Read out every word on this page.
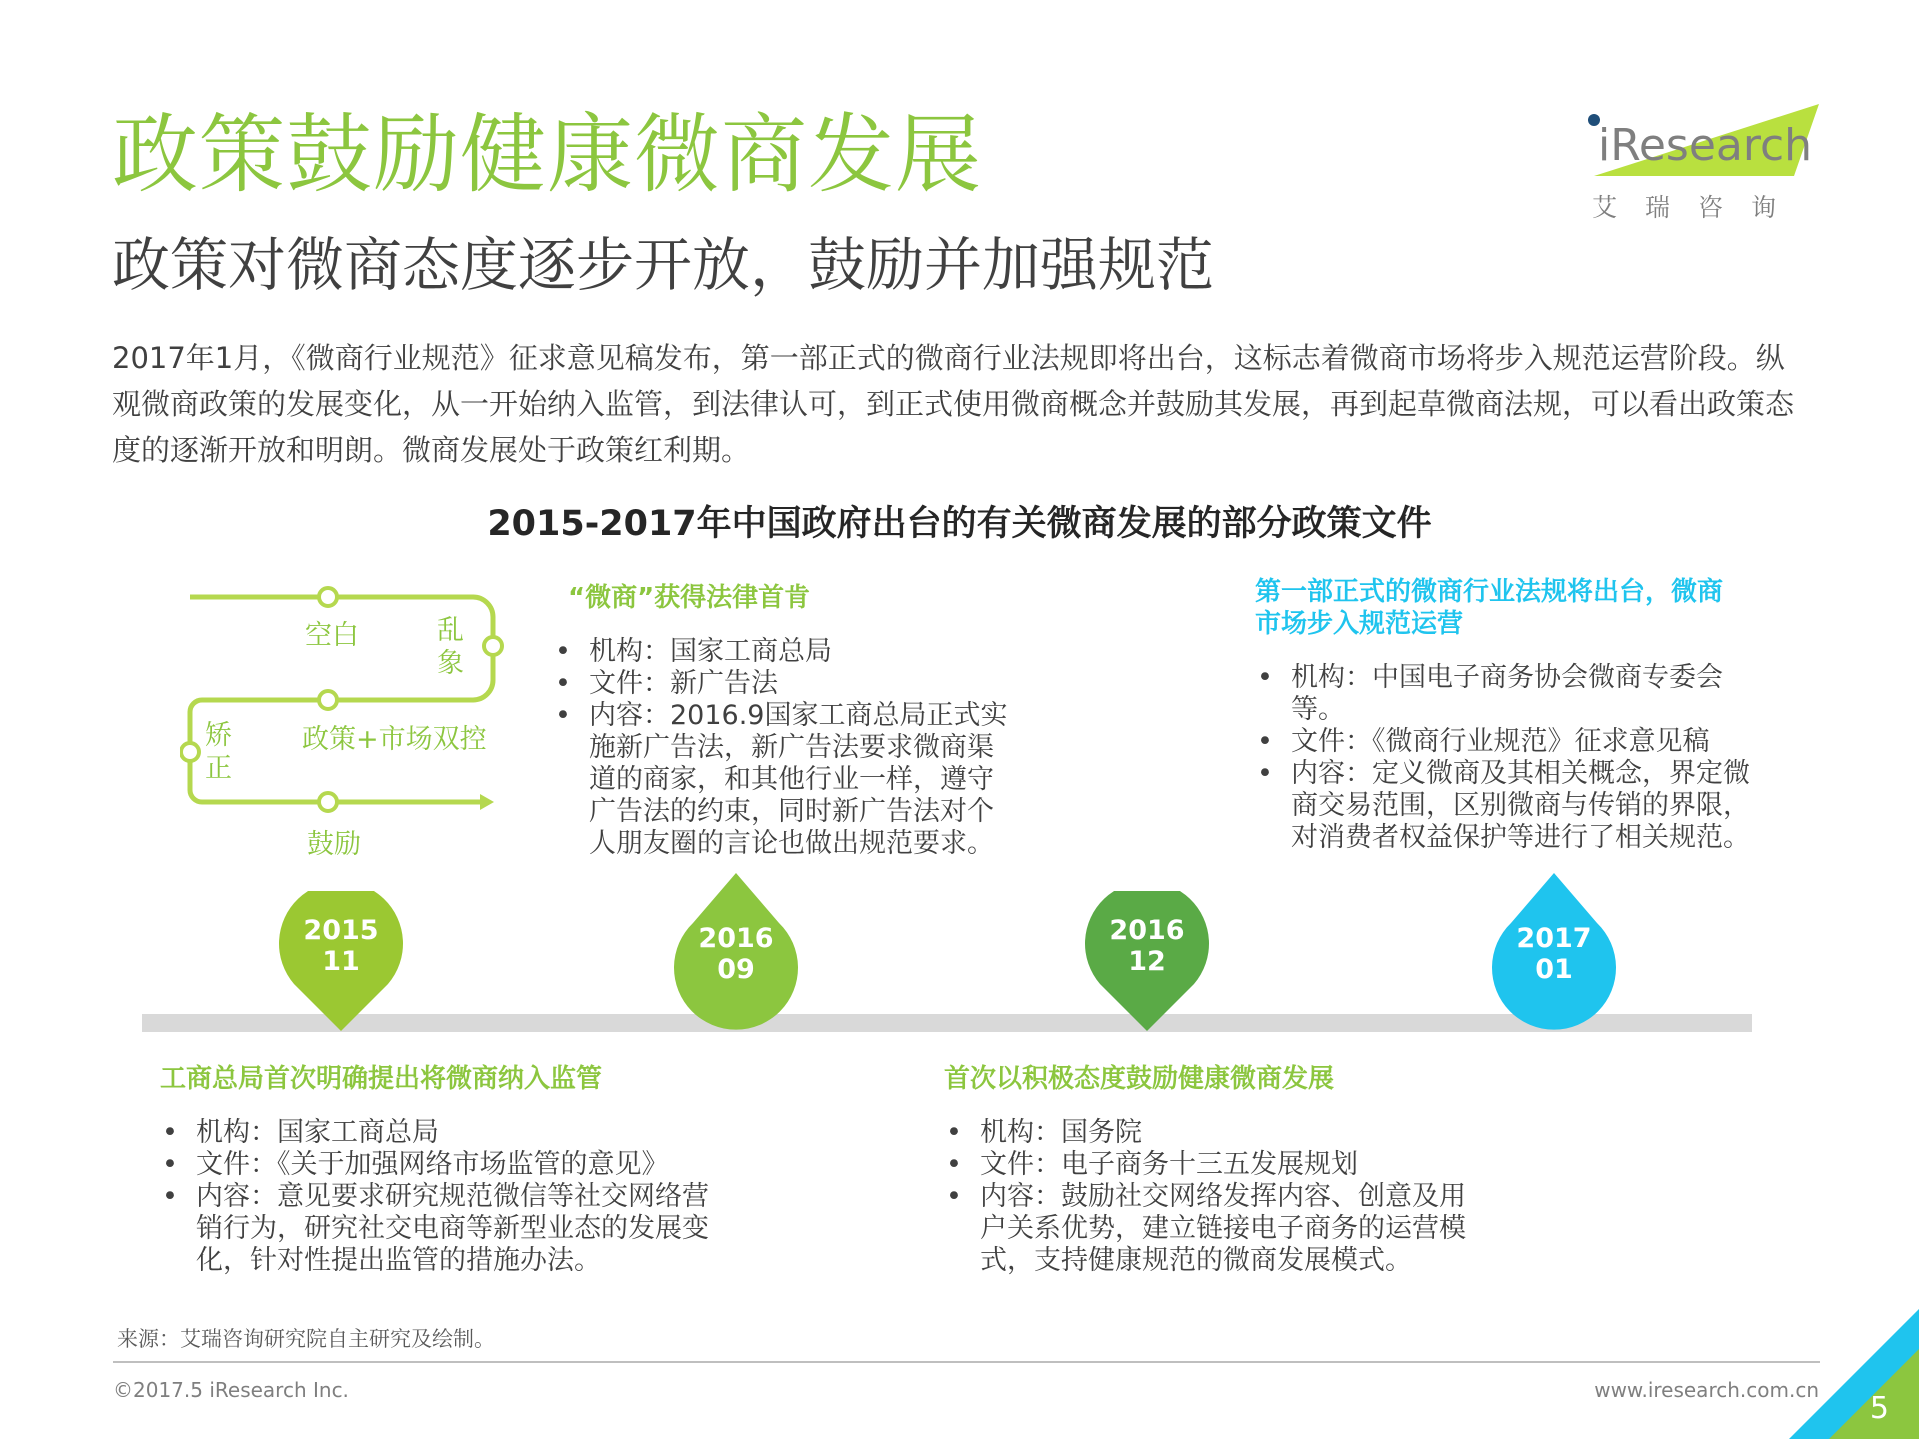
政策鼓励健康微商发展
政策对微商态度逐步开放，鼓励并加强规范
iResearch
艾瑞咨询
2017年1月，《微商行业规范》征求意见稿发布，第一部正式的微商行业法规即将出台，这标志着微商市场将步入规范运营阶段。纵观微商政策的发展变化，从一开始纳入监管，到法律认可，到正式使用微商概念并鼓励其发展，再到起草微商法规，可以看出政策态度的逐渐开放和明朗。微商发展处于政策红利期。
2015-2017年中国政府出台的有关微商发展的部分政策文件
空白	乱象
矫正
政策+市场双控
鼓励
2015
11
2016
09
2016
12
2017
01
“微商”获得法律首肯
• 机构：国家工商总局
• 文件：新广告法
• 内容：2016.9国家工商总局正式实施新广告法，新广告法要求微商渠道的商家，和其他行业一样，遵守广告法的约束，同时新广告法对个人朋友圈的言论也做出规范要求。
第一部正式的微商行业法规将出台，微商市场步入规范运营
• 机构：中国电子商务协会微商专委会等。
• 文件：《微商行业规范》征求意见稿
• 内容：定义微商及其相关概念，界定微商交易范围，区别微商与传销的界限，对消费者权益保护等进行了相关规范。
工商总局首次明确提出将微商纳入监管
• 机构：国家工商总局
• 文件：《关于加强网络市场监管的意见》
• 内容：意见要求研究规范微信等社交网络营销行为，研究社交电商等新型业态的发展变化，针对性提出监管的措施办法。
首次以积极态度鼓励健康微商发展
• 机构：国务院
• 文件：电子商务十三五发展规划
• 内容：鼓励社交网络发挥内容、创意及用户关系优势，建立链接电子商务的运营模式，支持健康规范的微商发展模式。
来源：艾瑞咨询研究院自主研究及绘制。
©2017.5 iResearch Inc.	www.iresearch.com.cn
5
